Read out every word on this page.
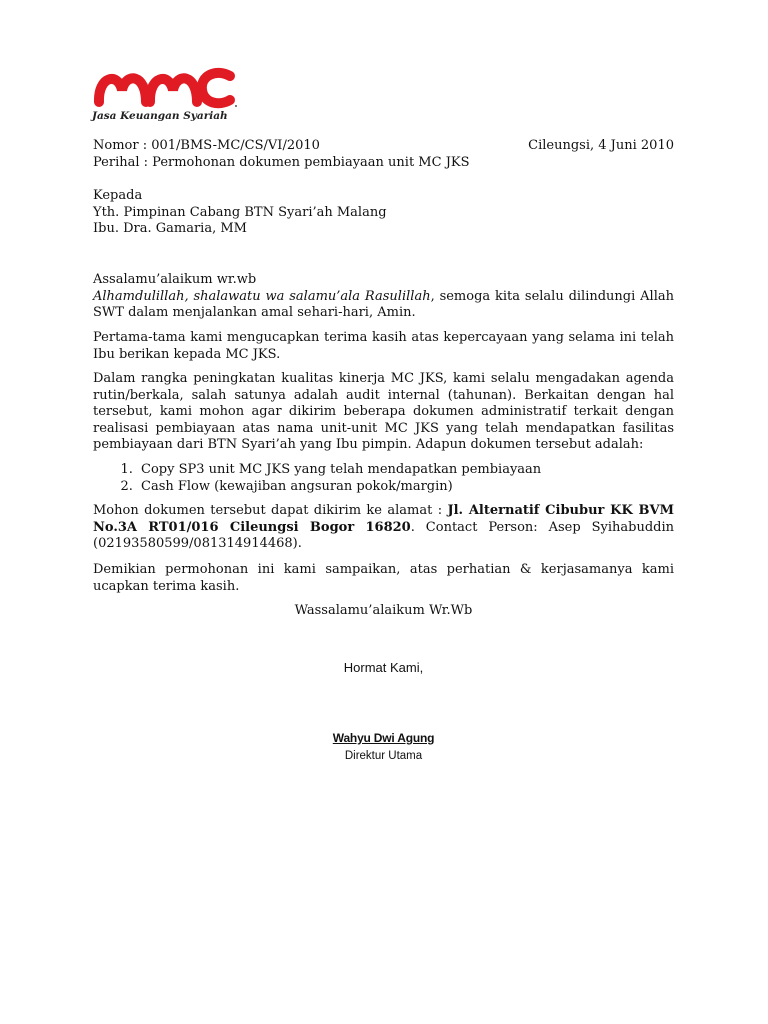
Jasa Keuangan Syariah
Nomor : 001/BMS-MC/CS/VI/2010	Cileungsi, 4 Juni 2010
Perihal : Permohonan dokumen pembiayaan unit MC JKS
Kepada
Yth. Pimpinan Cabang BTN Syari’ah Malang
Ibu. Dra. Gamaria, MM
Assalamu’alaikum wr.wb
Alhamdulillah, shalawatu wa salamu’ala Rasulillah, semoga kita selalu dilindungi Allah SWT dalam menjalankan amal sehari-hari, Amin.
Pertama-tama kami mengucapkan terima kasih atas kepercayaan yang selama ini telah Ibu berikan kepada MC JKS.
Dalam rangka peningkatan kualitas kinerja MC JKS, kami selalu mengadakan agenda rutin/berkala, salah satunya adalah audit internal (tahunan). Berkaitan dengan hal tersebut, kami mohon agar dikirim beberapa dokumen administratif terkait dengan realisasi pembiayaan atas nama unit-unit MC JKS yang telah mendapatkan fasilitas pembiayaan dari BTN Syari’ah yang Ibu pimpin. Adapun dokumen tersebut adalah:
1. Copy SP3 unit MC JKS yang telah mendapatkan pembiayaan
2. Cash Flow (kewajiban angsuran pokok/margin)
Mohon dokumen tersebut dapat dikirim ke alamat : Jl. Alternatif Cibubur KK BVM No.3A RT01/016 Cileungsi Bogor 16820. Contact Person: Asep Syihabuddin (02193580599/081314914468).
Demikian permohonan ini kami sampaikan, atas perhatian & kerjasamanya kami ucapkan terima kasih.
Wassalamu’alaikum Wr.Wb
Hormat Kami,
Wahyu Dwi Agung
Direktur Utama
